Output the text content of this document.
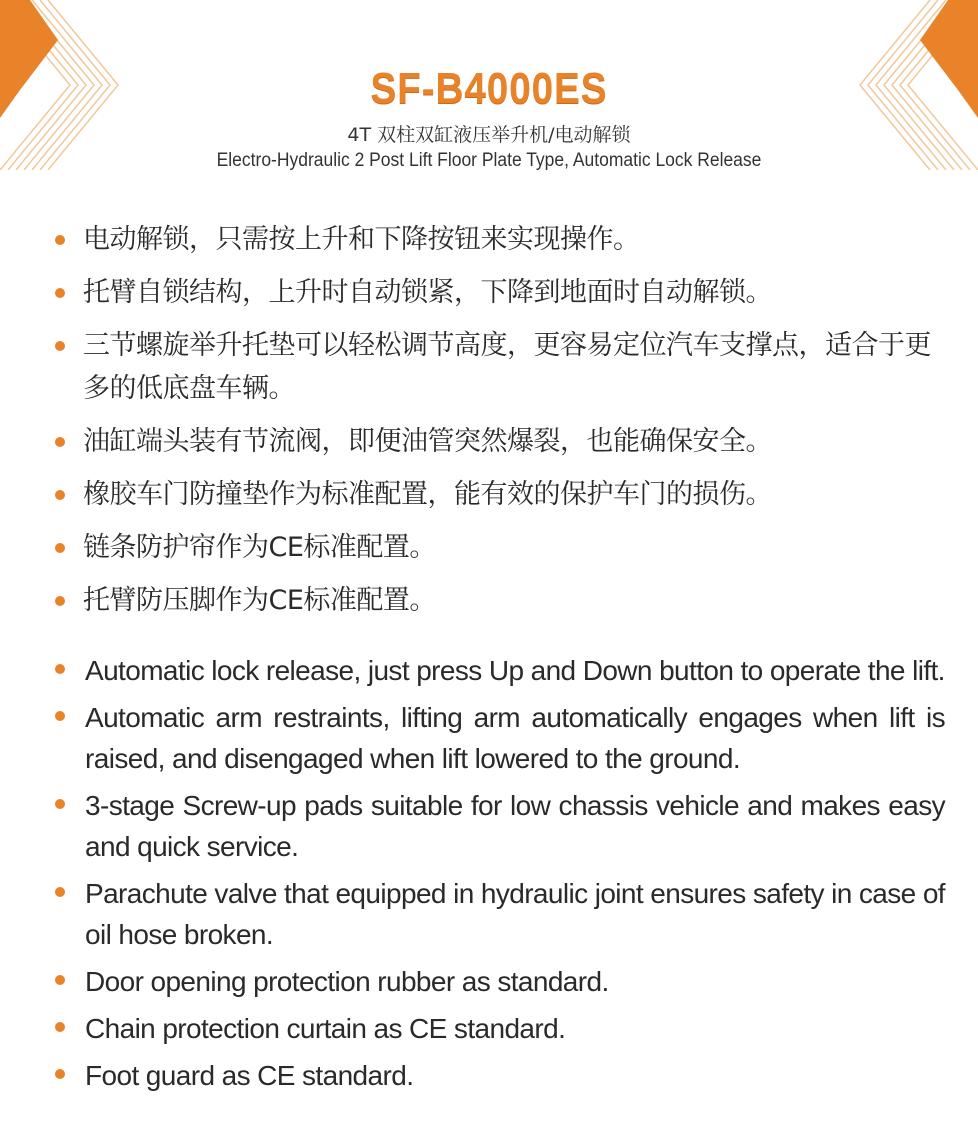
SF-B4000ES
4T 双柱双缸液压举升机/电动解锁
Electro-Hydraulic 2 Post Lift Floor Plate Type, Automatic Lock Release
电动解锁，只需按上升和下降按钮来实现操作。
托臂自锁结构，上升时自动锁紧，下降到地面时自动解锁。
三节螺旋举升托垫可以轻松调节高度，更容易定位汽车支撑点，适合于更多的低底盘车辆。
油缸端头装有节流阀，即便油管突然爆裂，也能确保安全。
橡胶车门防撞垫作为标准配置，能有效的保护车门的损伤。
链条防护帘作为CE标准配置。
托臂防压脚作为CE标准配置。
Automatic lock release, just press Up and Down button to operate the lift.
Automatic arm restraints, lifting arm automatically engages when lift is raised, and disengaged when lift lowered to the ground.
3-stage Screw-up pads suitable for low chassis vehicle and makes easy and quick service.
Parachute valve that equipped in hydraulic joint ensures safety in case of oil hose broken.
Door opening protection rubber as standard.
Chain protection curtain as CE standard.
Foot guard as CE standard.
